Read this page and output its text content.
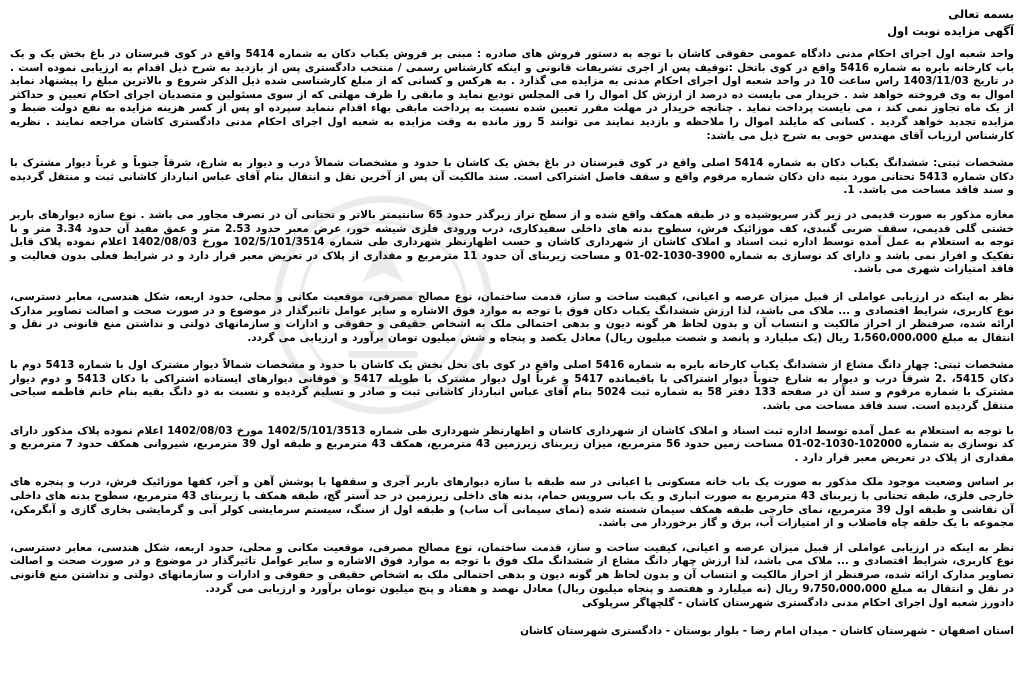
بسمه تعالی
آگهی مزایده نوبت اول

واحد شعبه اول اجرای احکام مدنی دادگاه عمومی حقوقی کاشان با توجه به دستور فروش های صادره : مبنی بر فروش یکباب دکان به شماره 5414 واقع در کوی قبرستان در باغ بخش یک و یک باب کارخانه بایره به شماره 5416 واقع در کوی باتخل :توقیف پس از اجری تشریفات قانونی و اینکه کارشناس رسمی / منتخب دادگستری پس از بازدید به شرح ذیل اقدام به ارزیابی نموده است . در تاریخ 1403/11/03 راس ساعت 10 در واحد شعبه اول اجرای احکام مدنی به مزایده می گذارد . به هرکس و کسانی که از مبلغ کارشناسی شده ذیل الذکر شروع و بالاترین مبلغ را پیشنهاد نماید اموال به وی فروخته خواهد شد . خریدار می بایست ده درصد از ارزش کل اموال را فی المجلس تودیع نماید و مابقی را ظرف مهلتی که از سوی مسئولین و متصدیان اجرای احکام تعیین و حداکثر از یک ماه تجاوز نمی کند ، می بایست پرداخت نماید . چنانچه خریدار در مهلت مقرر تعیین شده نسبت به پرداخت مابقی بهاء اقدام ننماید سپرده او پس از کسر هزینه مزایده به نفع دولت ضبط و مزایده تجدید خواهد گردید . کسانی که مایلند اموال را ملاحظه و بازدید نمایند می توانند 5 روز مانده به وقت مزایده به شعبه اول اجرای احکام مدنی دادگستری کاشان مراجعه نمایند . نظریه کارشناس ارزیاب آقای مهندس خوبی به شرح ذیل می باشد:

مشخصات ثبتی: ششدانگ یکباب دکان به شماره 5414 اصلی واقع در کوی قبرستان در باغ بخش یک کاشان با حدود و مشخصات شمالاً درب و دیوار به شارع، شرقاً جنوباً و غرباً دیوار مشترک با دکان شماره 5413 تحتانی مورد بنیه دان دکان شماره مرقوم واقع و سقف فاصل اشتراکی است. سند مالکیت آن پس از آخرین نقل و انتقال بنام آقای عباس انبارداز کاشانی ثبت و منتقل گردیده و سند فاقد مساحت می باشد. 1.

مغازه مذکور به صورت قدیمی در زیر گذر سرپوشیده و در طبقه همکف واقع شده و از سطح تراز زیرگذر حدود 65 سانتیمتر بالاتر و تحتانی آن در تصرف مجاور می باشد . نوع سازه دیوارهای باربر خشتی گلی قدیمی، سقف ضربی گنبدی، کف موزائیک فرش، سطوح بدنه های داخلی سفیدکاری، درب ورودی فلزی شیشه خور، عرض معبر حدود 2.53 متر و عمق مفید آن حدود 3.34 متر و با توجه به استعلام به عمل آمده توسط اداره ثبت اسناد و املاک کاشان از شهرداری کاشان و حسب اظهارنظر شهرداری طی شماره 102/5/101/3514 مورخ 1402/08/03 اعلام نموده پلاک قابل تفکیک و افراز نمی باشد و دارای کد نوسازی به شماره 3900-1030-02-01 و مساحت زیربنای آن حدود 11 مترمربع و مقداری از پلاک در تعریض معبر قرار دارد و در شرایط فعلی بدون فعالیت و فاقد امتیازات شهری می باشد.

نظر به اینکه در ارزیابی عواملی از قبیل میزان عرصه و اعیانی، کیفیت ساخت و ساز، قدمت ساختمان، نوع مصالح مصرفی، موقعیت مکانی و محلی، حدود اربعه، شکل هندسی، معابر دسترسی، نوع کاربری، شرایط اقتصادی و ... ملاک می باشد، لذا ارزش ششدانگ یکباب دکان فوق با توجه به موارد فوق الاشاره و سایر عوامل تاثیرگذار در موضوع و در صورت صحت و اصالت تصاویر مدارک ارائه شده، صرفنظر از احراز مالکیت و انتساب آن و بدون لحاظ هر گونه دیون و بدهی احتمالی ملک به اشخاص حقیقی و حقوقی و ادارات و سازمانهای دولتی و نداشتن منع قانونی در نقل و انتقال به مبلغ 1،560،000،000 ریال (یک میلیارد و پانصد و شصت میلیون ریال) معادل یکصد و پنجاه و شش میلیون تومان برآورد و ارزیابی می گردد.

مشخصات ثبتی: چهار دانگ مشاع از ششدانگ یکباب کارخانه بایره به شماره 5416 اصلی واقع در کوی بای نخل بخش یک کاشان با حدود و مشخصات شمالاً دیوار مشترک اول با شماره 5413 دوم با دکان 5415، .2 شرقاً درب و دیوار به شارع جنوباً دیوار اشتراکی با باقیمانده 5417 و غرباً اول دیوار مشترک با طویله 5417 و فوقانی دیوارهای ایستاده اشتراکی با دکان 5413 و دوم دیوار مشترک با شماره مرقوم و سند آن در صفحه 133 دفتر 58 به شماره ثبت 5024 بنام آقای عباس انبارداز کاشانی ثبت و صادر و تسلیم گردیده و نسبت به دو دانگ بقیه بنام خانم فاطمه سیاحی منتقل گردیده است. سند فاقد مساحت می باشد.

با توجه به استعلام به عمل آمده توسط اداره ثبت اسناد و املاک کاشان از شهرداری کاشان و اظهارنظر شهرداری طی شماره 1402/5/101/3513 مورخ 1402/08/03 اعلام نموده پلاک مذکور دارای کد نوسازی به شماره 102000-1030-02-01 مساحت زمین حدود 56 مترمربع، میزان زیربنای زیرزمین 43 مترمربع، همکف 43 مترمربع و طبقه اول 39 مترمربع، شیروانی همکف حدود 7 مترمربع و مقداری از پلاک در تعریض معبر قرار دارد .

بر اساس وضعیت موجود ملک مذکور به صورت یک باب خانه مسکونی با اعیانی در سه طبقه با سازه دیوارهای باربر آجری و سقفها با پوشش آهن و آجر، کفها موزائیک فرش، درب و پنجره های خارجی فلزی، طبقه تحتانی با زیربنای 43 مترمربع به صورت انباری و یک باب سرویس حمام، بدنه های داخلی زیرزمین در حد آستر گچ، طبقه همکف با زیربنای 43 مترمربع، سطوح بدنه های داخلی آن نقاشی و طبقه اول 39 مترمربع، نمای خارجی طبقه همکف سیمان شسته شده (نمای سیمانی آب ساب) و طبقه اول از سنگ، سیستم سرمایشی کولر آبی و گرمایشی بخاری گازی و آبگرمکن، مجموعه با یک حلقه چاه فاضلاب و از امتیازات آب، برق و گاز برخوردار می باشد.

نظر به اینکه در ارزیابی عواملی از قبیل میزان عرصه و اعیانی، کیفیت ساخت و ساز، قدمت ساختمان، نوع مصالح مصرفی، موقعیت مکانی و محلی، حدود اربعه، شکل هندسی، معابر دسترسی، نوع کاربری، شرایط اقتصادی و ... ملاک می باشد، لذا ارزش چهار دانگ مشاع از ششدانگ ملک فوق با توجه به موارد فوق الاشاره و سایر عوامل تاثیرگذار در موضوع و در صورت صحت و اصالت تصاویر مدارک ارائه شده، صرفنظر از احراز مالکیت و انتساب آن و بدون لحاظ هر گونه دیون و بدهی احتمالی ملک به اشخاص حقیقی و حقوقی و ادارات و سازمانهای دولتی و نداشتن منع قانونی در نقل و انتقال به مبلغ 9،750،000،000 ریال (نه میلیارد و هفتصد و پنجاه میلیون ریال) معادل نهصد و هفتاد و پنج میلیون تومان برآورد و ارزیابی می گردد.

دادورز شعبه اول اجرای احکام مدنی دادگستری شهرستان کاشان - گلچهاگر سرپلوکی

استان اصفهان - شهرستان کاشان - میدان امام رضا - بلوار بوستان - دادگستری شهرستان کاشان
